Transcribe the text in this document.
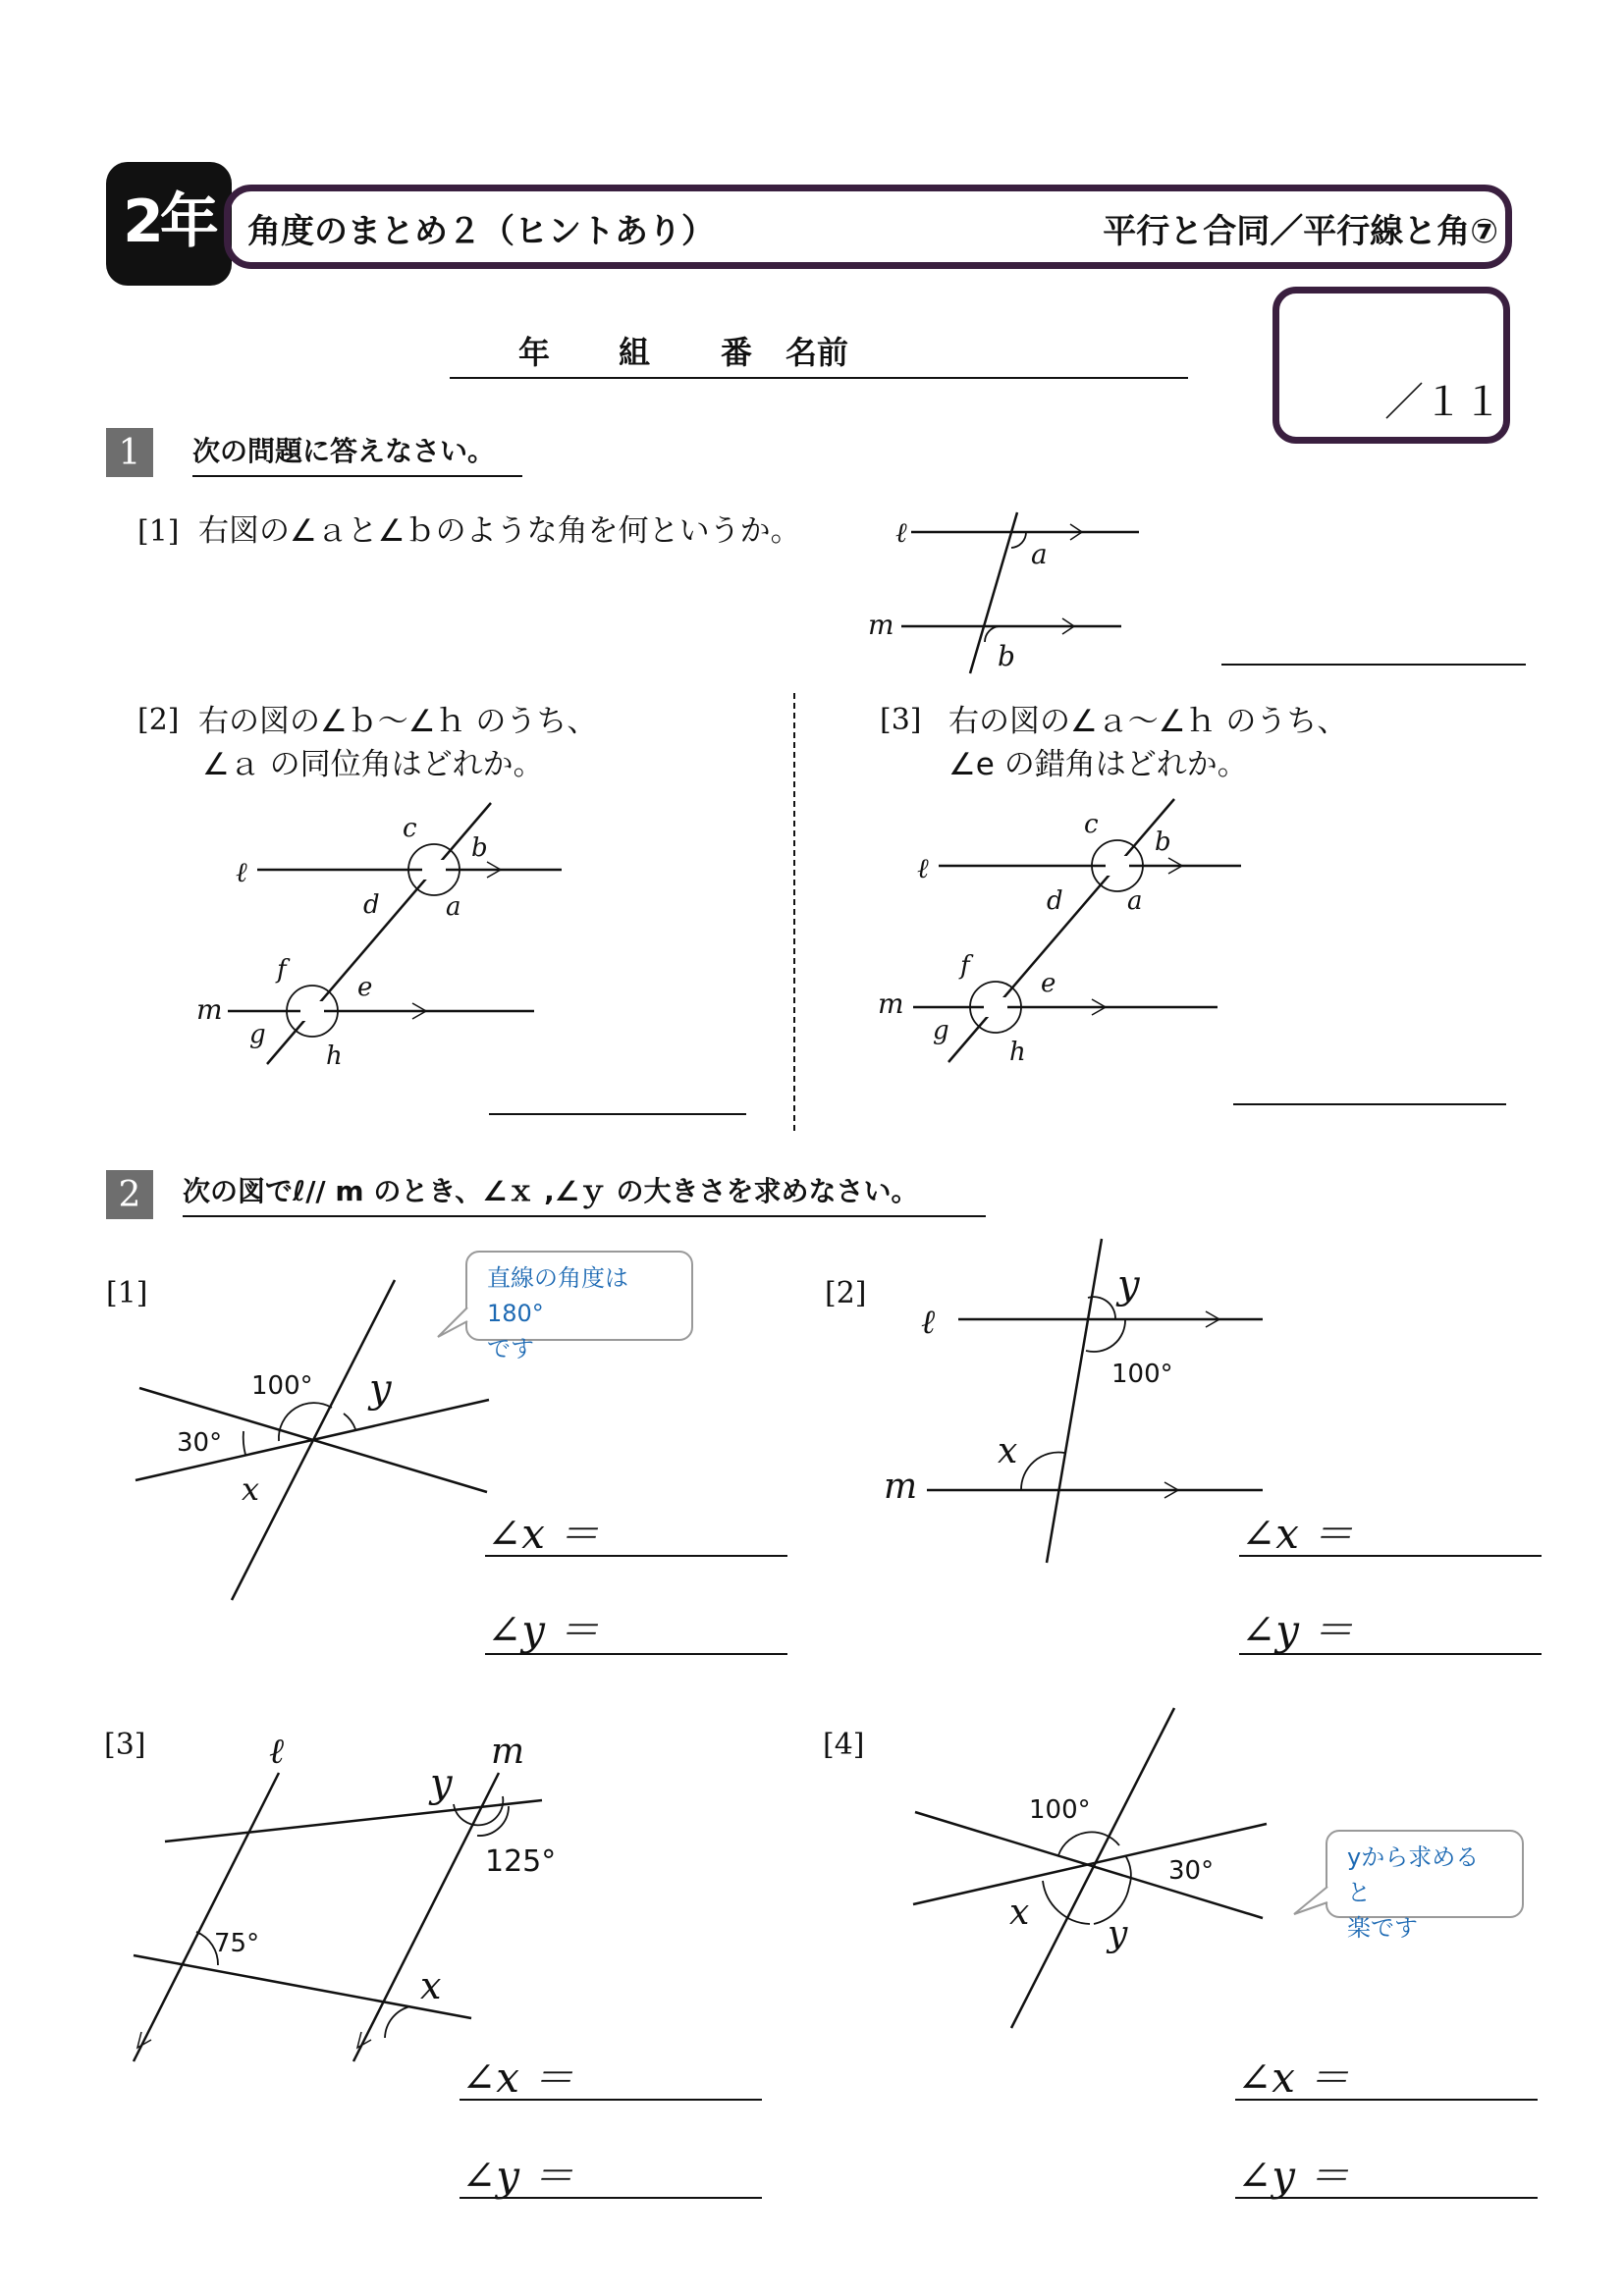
2年 角度のまとめ２（ヒントあり）	平行と合同／平行線と角⑦
年 組 番 名前
／１１
1	次の問題に答えなさい。
[1] 右図の∠ａと∠ｂのような角を何というか。	ℓ
m
a
b
[2] 右の図の∠ｂ〜∠ｈ のうち、
∠ａ の同位角はどれか。
[3] 右の図の∠ａ〜∠ｈ のうち、
∠e の錯角はどれか。
ℓ
m
c
b
d	a
f
e
g
h
ℓ
m
c
b
d	a
f
e
g
h
2	次の図でℓ// m のとき、∠ｘ ,∠ｙ の大きさを求めなさい。
[1]	直線の角度は180°
です
100° y
30°
x
∠x ＝
∠y ＝
[2]	y
ℓ
100°
x
m
∠x ＝
∠y ＝
[3]	ℓ	m
y
125°
75°
x
∠x ＝
∠y ＝
[4]
yから求めると
楽です
100°
30°
x
y
∠x ＝
∠y ＝
